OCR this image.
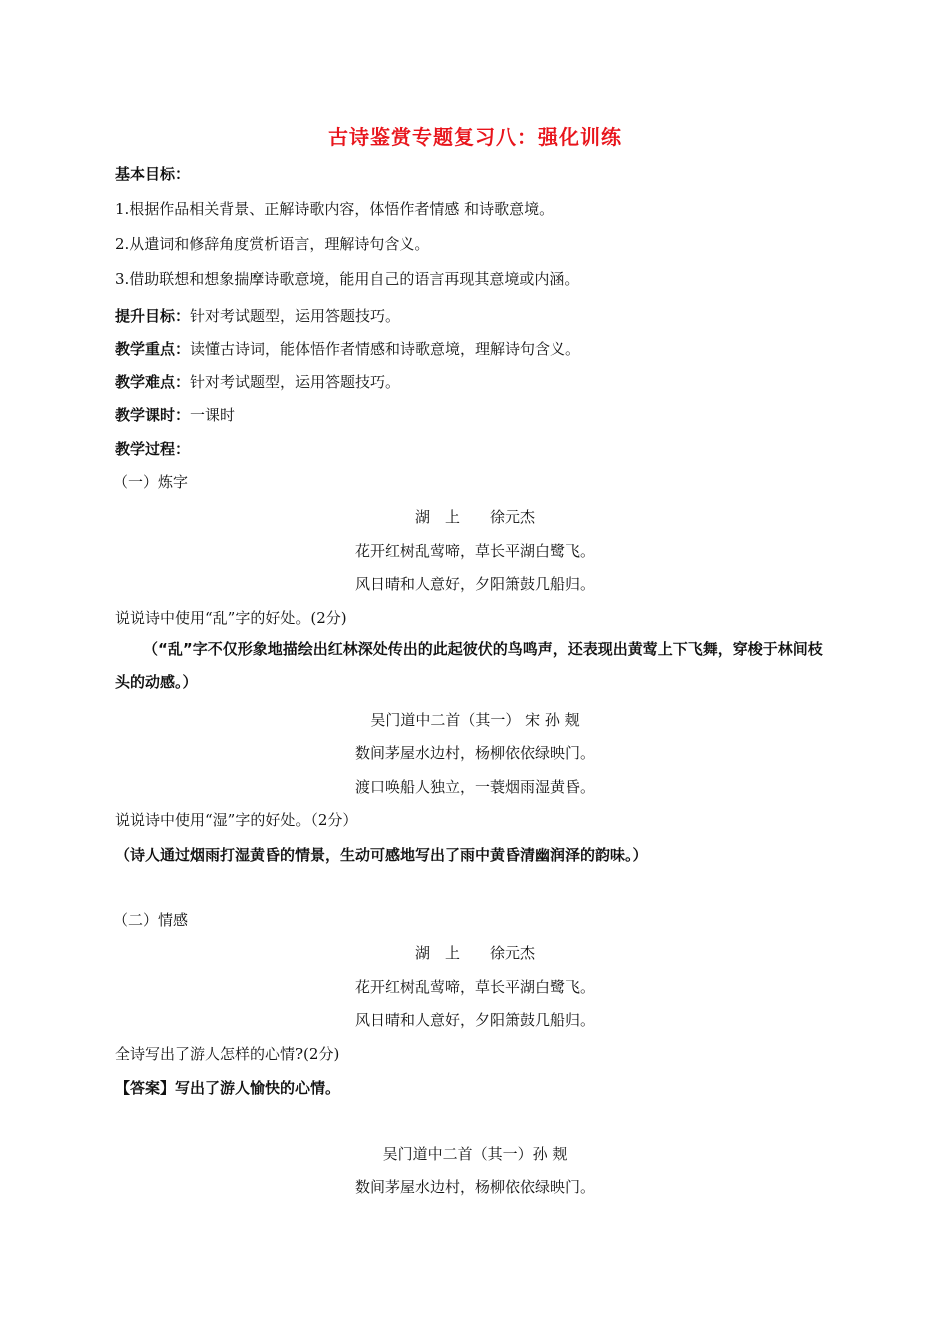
古诗鉴赏专题复习八：强化训练
基本目标：
1.根据作品相关背景、正解诗歌内容，体悟作者情感 和诗歌意境。
2.从遣词和修辞角度赏析语言，理解诗句含义。
3.借助联想和想象揣摩诗歌意境，能用自己的语言再现其意境或内涵。
提升目标：针对考试题型，运用答题技巧。
教学重点：读懂古诗词，能体悟作者情感和诗歌意境，理解诗句含义。
教学难点：针对考试题型，运用答题技巧。
教学课时：一课时
教学过程：
（一）炼字
湖　上　　徐元杰
花开红树乱莺啼，草长平湖白鹭飞。
风日晴和人意好，夕阳箫鼓几船归。
说说诗中使用“乱”字的好处。(2分)
（“乱”字不仅形象地描绘出红林深处传出的此起彼伏的鸟鸣声，还表现出黄莺上下飞舞，穿梭于林间枝头的动感。）
吴门道中二首（其一） 宋 孙 觌
数间茅屋水边村，杨柳依依绿映门。
渡口唤船人独立，一蓑烟雨湿黄昏。
说说诗中使用“湿”字的好处。（2分）
（诗人通过烟雨打湿黄昏的情景，生动可感地写出了雨中黄昏清幽润泽的韵味。）
（二）情感
湖　上　　徐元杰
花开红树乱莺啼，草长平湖白鹭飞。
风日晴和人意好，夕阳箫鼓几船归。
全诗写出了游人怎样的心情?(2分)
【答案】写出了游人愉快的心情。
吴门道中二首（其一）孙 觌
数间茅屋水边村，杨柳依依绿映门。
